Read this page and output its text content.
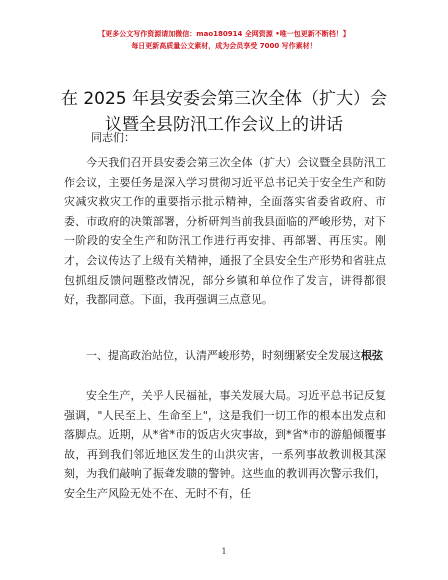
【更多公文写作资源请加微信：mao180914 全网资源 •唯一包更新不断档！】
每日更新高质量公文素材，成为会员享受 7000 写作素材！
在 2025 年县安委会第三次全体（扩大）会议暨全县防汛工作会议上的讲话
同志们：

今天我们召开县安委会第三次全体（扩大）会议暨全县防汛工作会议，主要任务是深入学习贯彻习近平总书记关于安全生产和防灾减灾救灾工作的重要指示批示精神，全面落实省委省政府、市委、市政府的决策部署，分析研判当前我县面临的严峻形势，对下一阶段的安全生产和防汛工作进行再安排、再部署、再压实。刚才，会议传达了上级有关精神，通报了全县安全生产形势和省驻点包抓组反馈问题整改情况，部分乡镇和单位作了发言，讲得都很好，我都同意。下面，我再强调三点意见。

一、提高政治站位，认清严峻形势，时刻绷紧安全发展这根弦

安全生产，关乎人民福祉，事关发展大局。习近平总书记反复强调，"人民至上、生命至上"，这是我们一切工作的根本出发点和落脚点。近期，从*省*市的饭店火灾事故，到*省*市的游船倾覆事故，再到我们邻近地区发生的山洪灾害，一系列事故教训极其深刻，为我们敲响了振聋发聩的警钟。这些血的教训再次警示我们，安全生产风险无处不在、无时不有，任

1
